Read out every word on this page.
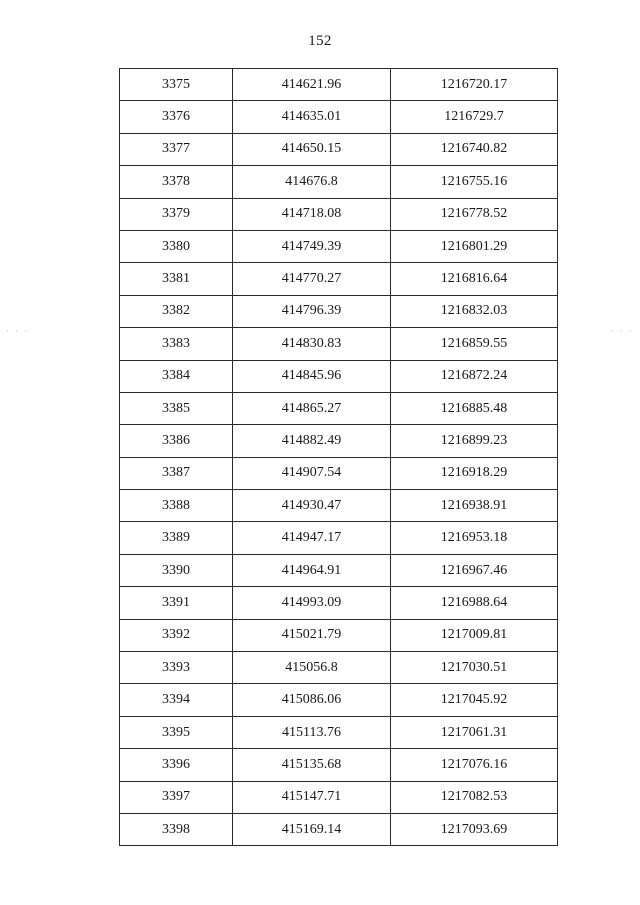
152
· · ·	· · ·
3375	414621.96	1216720.17
3376	414635.01	1216729.7
3377	414650.15	1216740.82
3378	414676.8	1216755.16
3379	414718.08	1216778.52
3380	414749.39	1216801.29
3381	414770.27	1216816.64
3382	414796.39	1216832.03
3383	414830.83	1216859.55
3384	414845.96	1216872.24
3385	414865.27	1216885.48
3386	414882.49	1216899.23
3387	414907.54	1216918.29
3388	414930.47	1216938.91
3389	414947.17	1216953.18
3390	414964.91	1216967.46
3391	414993.09	1216988.64
3392	415021.79	1217009.81
3393	415056.8	1217030.51
3394	415086.06	1217045.92
3395	415113.76	1217061.31
3396	415135.68	1217076.16
3397	415147.71	1217082.53
3398	415169.14	1217093.69
